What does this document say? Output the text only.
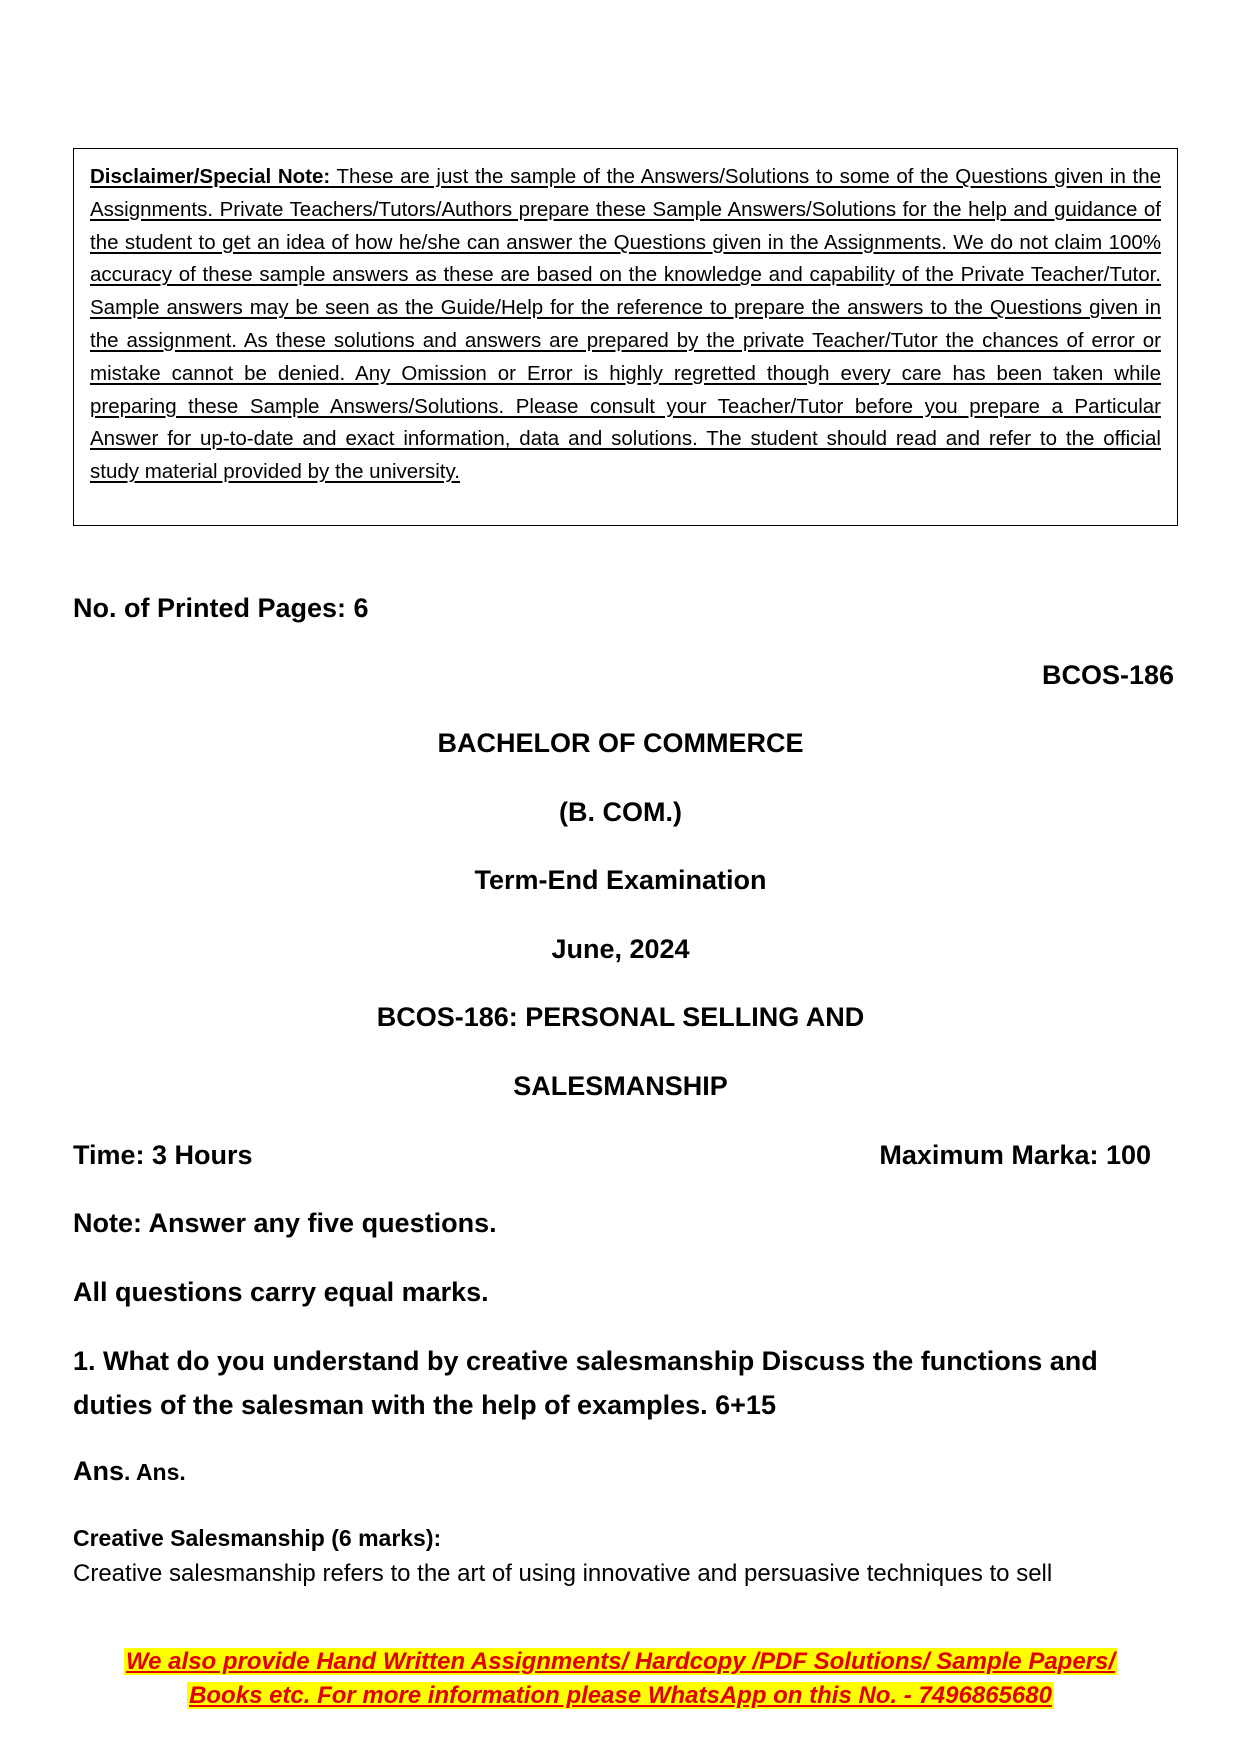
Disclaimer/Special Note: These are just the sample of the Answers/Solutions to some of the Questions given in the Assignments. Private Teachers/Tutors/Authors prepare these Sample Answers/Solutions for the help and guidance of the student to get an idea of how he/she can answer the Questions given in the Assignments. We do not claim 100% accuracy of these sample answers as these are based on the knowledge and capability of the Private Teacher/Tutor. Sample answers may be seen as the Guide/Help for the reference to prepare the answers to the Questions given in the assignment. As these solutions and answers are prepared by the private Teacher/Tutor the chances of error or mistake cannot be denied. Any Omission or Error is highly regretted though every care has been taken while preparing these Sample Answers/Solutions. Please consult your Teacher/Tutor before you prepare a Particular Answer for up-to-date and exact information, data and solutions. The student should read and refer to the official study material provided by the university.
No. of Printed Pages: 6
BCOS-186
BACHELOR OF COMMERCE
(B. COM.)
Term-End Examination
June, 2024
BCOS-186: PERSONAL SELLING AND
SALESMANSHIP
Time: 3 Hours	Maximum Marka: 100
Note: Answer any five questions.
All questions carry equal marks.
1. What do you understand by creative salesmanship Discuss the functions and duties of the salesman with the help of examples. 6+15
Ans. Ans.
Creative Salesmanship (6 marks):
Creative salesmanship refers to the art of using innovative and persuasive techniques to sell
We also provide Hand Written Assignments/ Hardcopy /PDF Solutions/ Sample Papers/
Books etc. For more information please WhatsApp on this No. - 7496865680
